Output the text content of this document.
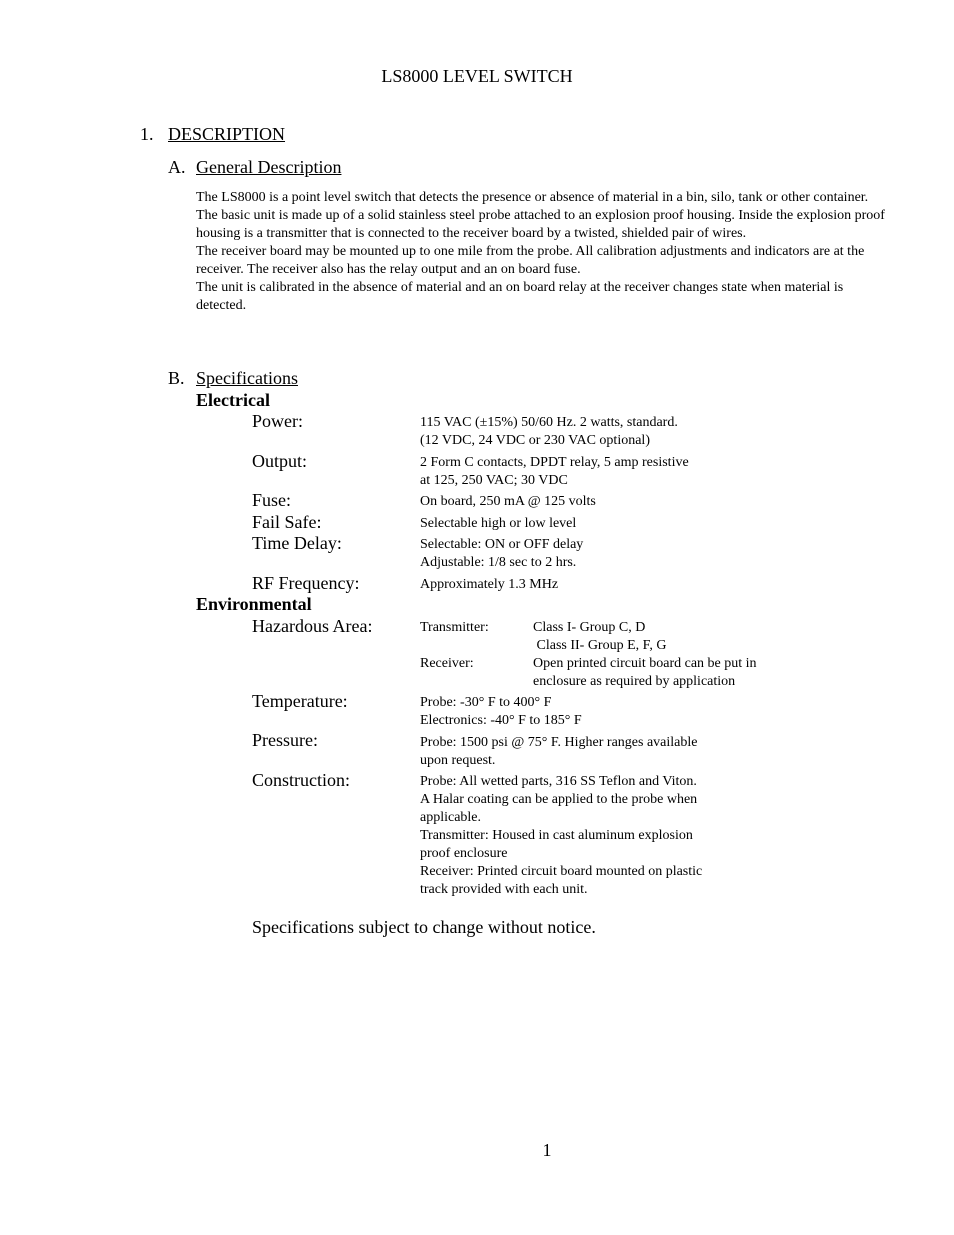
LS8000 LEVEL SWITCH
1. DESCRIPTION
A. General Description

The LS8000 is a point level switch that detects the presence or absence of material in a bin, silo, tank or other container.

The basic unit is made up of a solid stainless steel probe attached to an explosion proof housing. Inside the explosion proof housing is a transmitter that is connected to the receiver board by a twisted, shielded pair of wires.

The receiver board may be mounted up to one mile from the probe. All calibration adjustments and indicators are at the receiver. The receiver also has the relay output and an on board fuse.

The unit is calibrated in the absence of material and an on board relay at the receiver changes state when material is detected.

B. Specifications
Electrical
Power:	115 VAC (±15%) 50/60 Hz. 2 watts, standard.
(12 VDC, 24 VDC or 230 VAC optional)
Output:	2 Form C contacts, DPDT relay, 5 amp resistive
at 125, 250 VAC; 30 VDC
Fuse:	On board, 250 mA @ 125 volts
Fail Safe:	Selectable high or low level
Time Delay:	Selectable: ON or OFF delay
Adjustable: 1/8 sec to 2 hrs.
RF Frequency:	Approximately 1.3 MHz
Environmental
Hazardous Area:	Transmitter:	Class I- Group C, D
Class II- Group E, F, G
Receiver:	Open printed circuit board can be put in
enclosure as required by application
Temperature:	Probe: -30° F to 400° F
Electronics: -40° F to 185° F
Pressure:	Probe: 1500 psi @ 75° F. Higher ranges available
upon request.
Construction:	Probe: All wetted parts, 316 SS Teflon and Viton.
A Halar coating can be applied to the probe when
applicable.
Transmitter: Housed in cast aluminum explosion
proof enclosure
Receiver: Printed circuit board mounted on plastic
track provided with each unit.
Specifications subject to change without notice.
1
